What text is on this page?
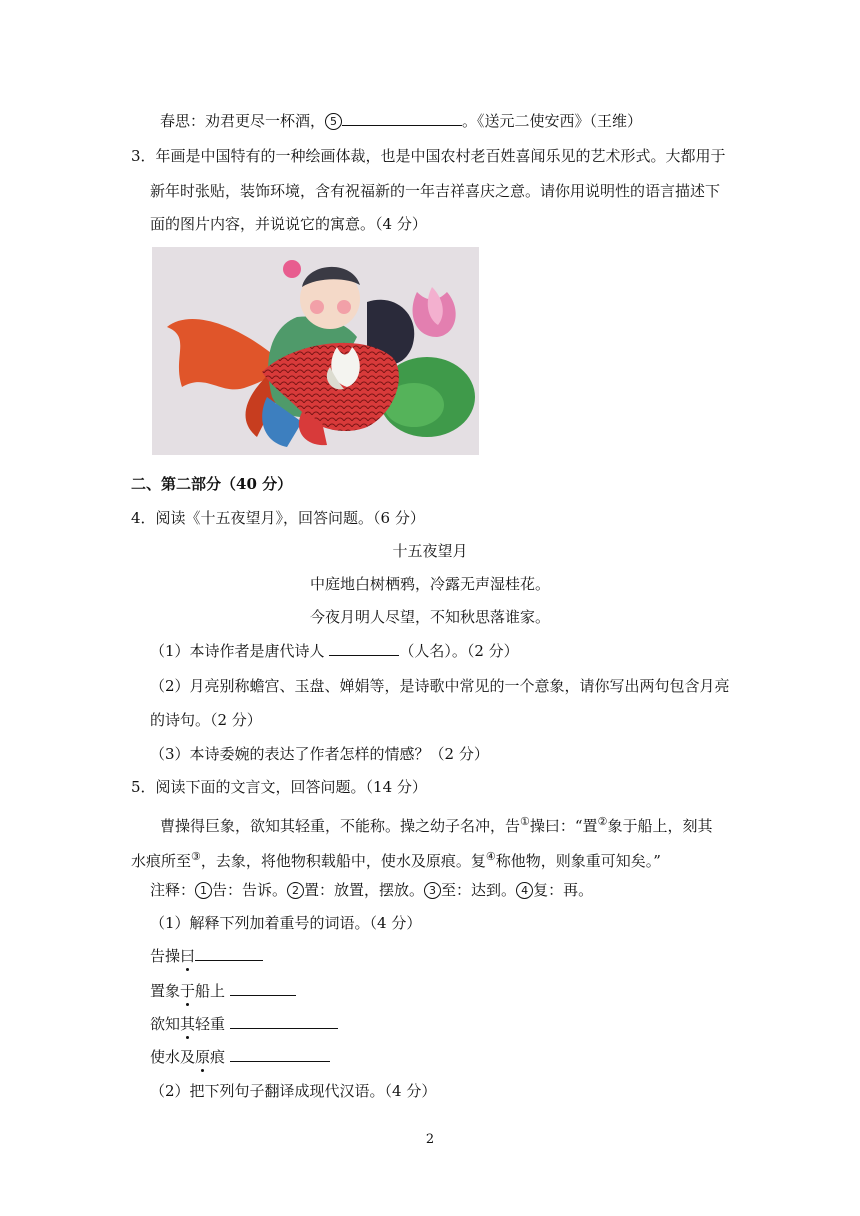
春思：劝君更尽一杯酒， 5	。《送元二使安西》（王维）
3．年画是中国特有的一种绘画体裁，也是中国农村老百姓喜闻乐见的艺术形式。大都用于
新年时张贴，装饰环境，含有祝福新的一年吉祥喜庆之意。请你用说明性的语言描述下
面的图片内容，并说说它的寓意。（4 分）
二、第二部分（40 分）
4．阅读《十五夜望月》，回答问题。（6 分）
十五夜望月
中庭地白树栖鸦，冷露无声湿桂花。
今夜月明人尽望，不知秋思落谁家。
（1）本诗作者是唐代诗人	（人名）。（2 分）
（2）月亮别称蟾宫、玉盘、婵娟等，是诗歌中常见的一个意象，请你写出两句包含月亮
的诗句。（2 分）
（3）本诗委婉的表达了作者怎样的情感？（2 分）
5．阅读下面的文言文，回答问题。（14 分）
曹操得巨象，欲知其轻重，不能称。操之幼子名冲，告①操曰：“置②象于船上，刻其
水痕所至③，去象，将他物积载船中，使水及原痕。复④称他物，则象重可知矣。”
注释： 1 告：告诉。 2 置：放置，摆放。 3 至：达到。 4 复：再。
（1）解释下列加着重号的词语。（4 分）
告操曰
置象于船上
欲知其轻重
使水及原痕
（2）把下列句子翻译成现代汉语。（4 分）
2
